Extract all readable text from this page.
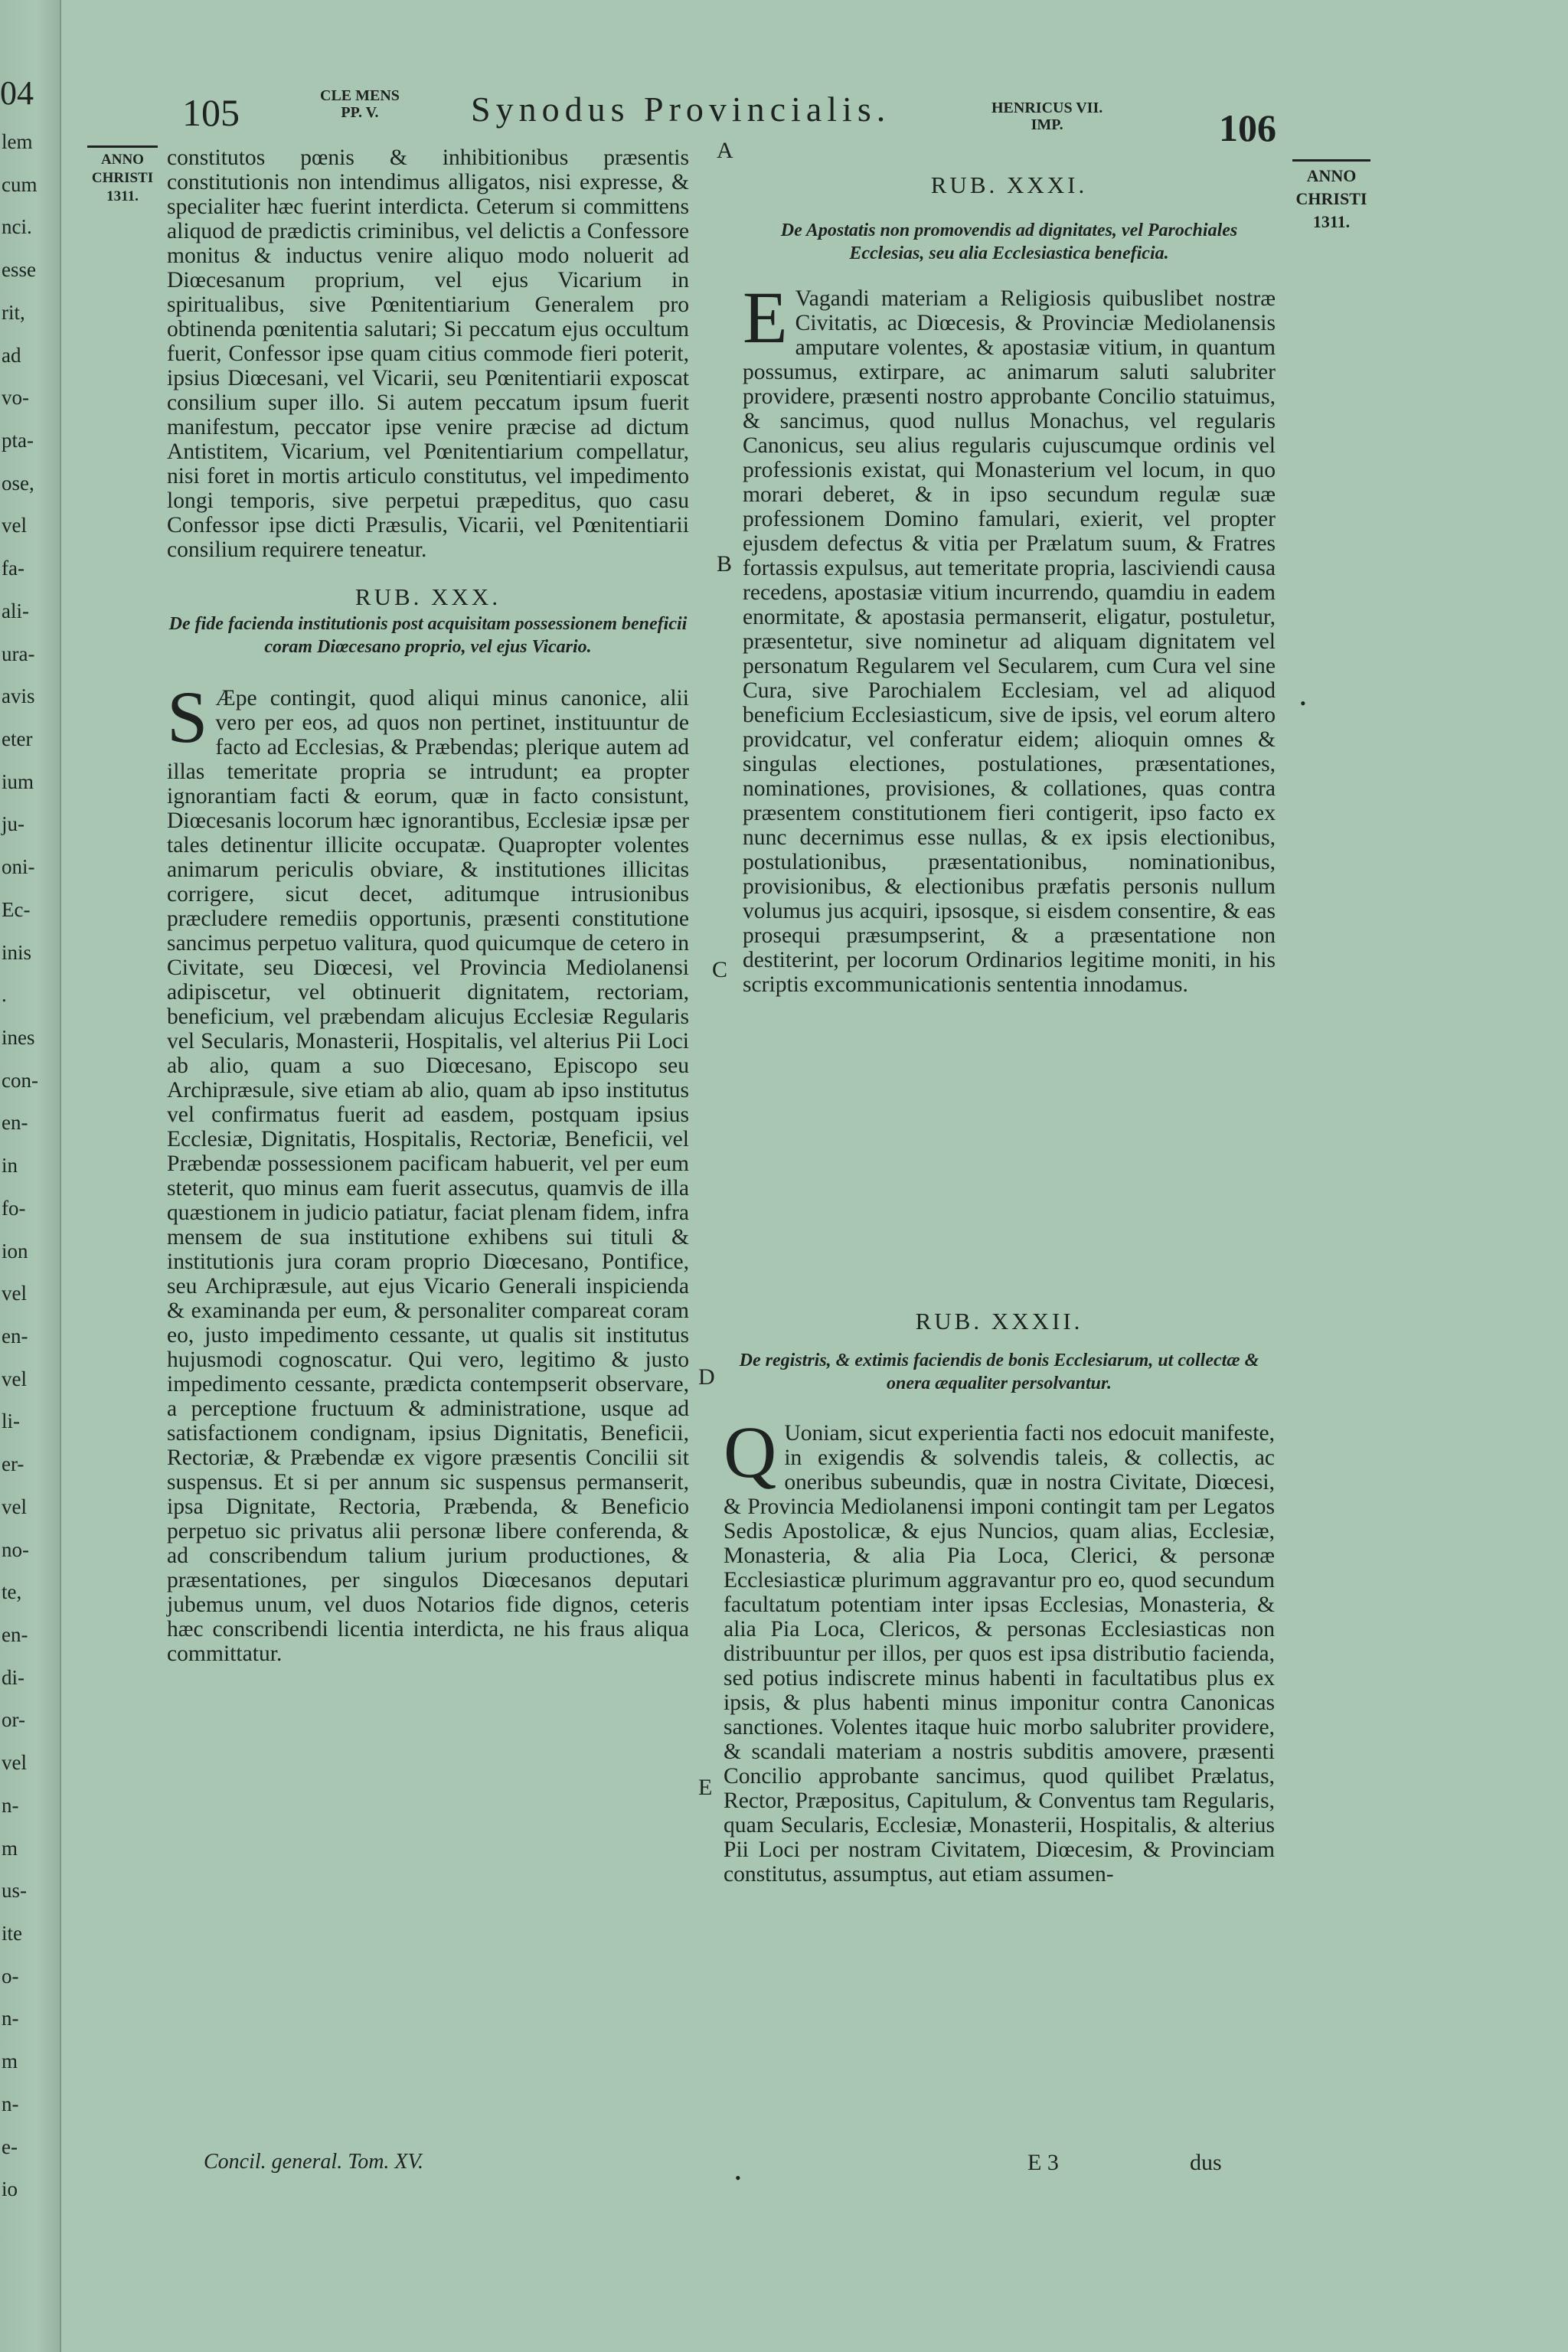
04
lem
cum
nci.
esse
rit,
ad
vo-
pta-
ose,
vel
fa-
ali-
ura-
avis
eter
ium
ju-
oni-
Ec-
inis
.
ines
con-
en-
in
fo-
ion
vel
en-
vel
li-
er-
vel
no-
te,
en-
di-
or-
vel
n-
m
us-
ite
o-
n-
m
n-
e-
io
105	CLE MENS
PP. V.	Synodus Provincialis.	HENRICUS VII.
IMP.	106
ANNO
CHRISTI
1311.
ANNO
CHRISTI
1311.
A
B
C
D
E

constitutos pœnis & inhibitionibus præsentis constitutionis non intendimus alligatos, nisi expresse, & specialiter hæc fuerint interdicta. Ceterum si committens aliquod de prædictis criminibus, vel delictis a Confessore monitus & inductus venire aliquo modo noluerit ad Diœcesanum proprium, vel ejus Vicarium in spiritualibus, sive Pœnitentiarium Generalem pro obtinenda pœnitentia salutari; Si peccatum ejus occultum fuerit, Confessor ipse quam citius commode fieri poterit, ipsius Diœcesani, vel Vicarii, seu Pœnitentiarii exposcat consilium super illo. Si autem peccatum ipsum fuerit manifestum, peccator ipse venire præcise ad dictum Antistitem, Vicarium, vel Pœnitentiarium compellatur, nisi foret in mortis articulo constitutus, vel impedimento longi temporis, sive perpetui præpeditus, quo casu Confessor ipse dicti Præsulis, Vicarii, vel Pœnitentiarii consilium requirere teneatur.

RUB. XXX.

De fide facienda institutionis post acquisitam possessionem beneficii coram Diœcesano proprio, vel ejus Vicario.

S Æpe contingit, quod aliqui minus canonice, alii vero per eos, ad quos non pertinet, instituuntur de facto ad Ecclesias, & Præbendas; plerique autem ad illas temeritate propria se intrudunt; ea propter ignorantiam facti & eorum, quæ in facto consistunt, Diœcesanis locorum hæc ignorantibus, Ecclesiæ ipsæ per tales detinentur illicite occupatæ. Quapropter volentes animarum periculis obviare, & institutiones illicitas corrigere, sicut decet, aditumque intrusionibus præcludere remediis opportunis, præsenti constitutione sancimus perpetuo valitura, quod quicumque de cetero in Civitate, seu Diœcesi, vel Provincia Mediolanensi adipiscetur, vel obtinuerit dignitatem, rectoriam, beneficium, vel præbendam alicujus Ecclesiæ Regularis vel Secularis, Monasterii, Hospitalis, vel alterius Pii Loci ab alio, quam a suo Diœcesano, Episcopo seu Archipræsule, sive etiam ab alio, quam ab ipso institutus vel confirmatus fuerit ad easdem, postquam ipsius Ecclesiæ, Dignitatis, Hospitalis, Rectoriæ, Beneficii, vel Præbendæ possessionem pacificam habuerit, vel per eum steterit, quo minus eam fuerit assecutus, quamvis de illa quæstionem in judicio patiatur, faciat plenam fidem, infra mensem de sua institutione exhibens sui tituli & institutionis jura coram proprio Diœcesano, Pontifice, seu Archipræsule, aut ejus Vicario Generali inspicienda & examinanda per eum, & personaliter compareat coram eo, justo impedimento cessante, ut qualis sit institutus hujusmodi cognoscatur. Qui vero, legitimo & justo impedimento cessante, prædicta contempserit observare, a perceptione fructuum & administratione, usque ad satisfactionem condignam, ipsius Dignitatis, Beneficii, Rectoriæ, & Præbendæ ex vigore præsentis Concilii sit suspensus. Et si per annum sic suspensus permanserit, ipsa Dignitate, Rectoria, Præbenda, & Beneficio perpetuo sic privatus alii personæ libere conferenda, & ad conscribendum talium jurium productiones, & præsentationes, per singulos Diœcesanos deputari jubemus unum, vel duos Notarios fide dignos, ceteris hæc conscribendi licentia interdicta, ne his fraus aliqua committatur.

RUB. XXXI.

De Apostatis non promovendis ad dignitates, vel Parochiales Ecclesias, seu alia Ecclesiastica beneficia.

E Vagandi materiam a Religiosis quibuslibet nostræ Civitatis, ac Diœcesis, & Provinciæ Mediolanensis amputare volentes, & apostasiæ vitium, in quantum possumus, extirpare, ac animarum saluti salubriter providere, præsenti nostro approbante Concilio statuimus, & sancimus, quod nullus Monachus, vel regularis Canonicus, seu alius regularis cujuscumque ordinis vel professionis existat, qui Monasterium vel locum, in quo morari deberet, & in ipso secundum regulæ suæ professionem Domino famulari, exierit, vel propter ejusdem defectus & vitia per Prælatum suum, & Fratres fortassis expulsus, aut temeritate propria, lasciviendi causa recedens, apostasiæ vitium incurrendo, quamdiu in eadem enormitate, & apostasia permanserit, eligatur, postuletur, præsentetur, sive nominetur ad aliquam dignitatem vel personatum Regularem vel Secularem, cum Cura vel sine Cura, sive Parochialem Ecclesiam, vel ad aliquod beneficium Ecclesiasticum, sive de ipsis, vel eorum altero providcatur, vel conferatur eidem; alioquin omnes & singulas electiones, postulationes, præsentationes, nominationes, provisiones, & collationes, quas contra præsentem constitutionem fieri contigerit, ipso facto ex nunc decernimus esse nullas, & ex ipsis electionibus, postulationibus, præsentationibus, nominationibus, provisionibus, & electionibus præfatis personis nullum volumus jus acquiri, ipsosque, si eisdem consentire, & eas prosequi præsumpserint, & a præsentatione non destiterint, per locorum Ordinarios legitime moniti, in his scriptis excommunicationis sententia innodamus.

RUB. XXXII.

De registris, & extimis faciendis de bonis Ecclesiarum, ut collectæ & onera æqualiter persolvantur.

Q Uoniam, sicut experientia facti nos edocuit manifeste, in exigendis & solvendis taleis, & collectis, ac oneribus subeundis, quæ in nostra Civitate, Diœcesi, & Provincia Mediolanensi imponi contingit tam per Legatos Sedis Apostolicæ, & ejus Nuncios, quam alias, Ecclesiæ, Monasteria, & alia Pia Loca, Clerici, & personæ Ecclesiasticæ plurimum aggravantur pro eo, quod secundum facultatum potentiam inter ipsas Ecclesias, Monasteria, & alia Pia Loca, Clericos, & personas Ecclesiasticas non distribuuntur per illos, per quos est ipsa distributio facienda, sed potius indiscrete minus habenti in facultatibus plus ex ipsis, & plus habenti minus imponitur contra Canonicas sanctiones. Volentes itaque huic morbo salubriter providere, & scandali materiam a nostris subditis amovere, præsenti Concilio approbante sancimus, quod quilibet Prælatus, Rector, Præpositus, Capitulum, & Conventus tam Regularis, quam Secularis, Ecclesiæ, Monasterii, Hospitalis, & alterius Pii Loci per nostram Civitatem, Diœcesim, & Provinciam constitutus, assumptus, aut etiam assumen-

•
•
Concil. general. Tom. XV.	E 3	dus
